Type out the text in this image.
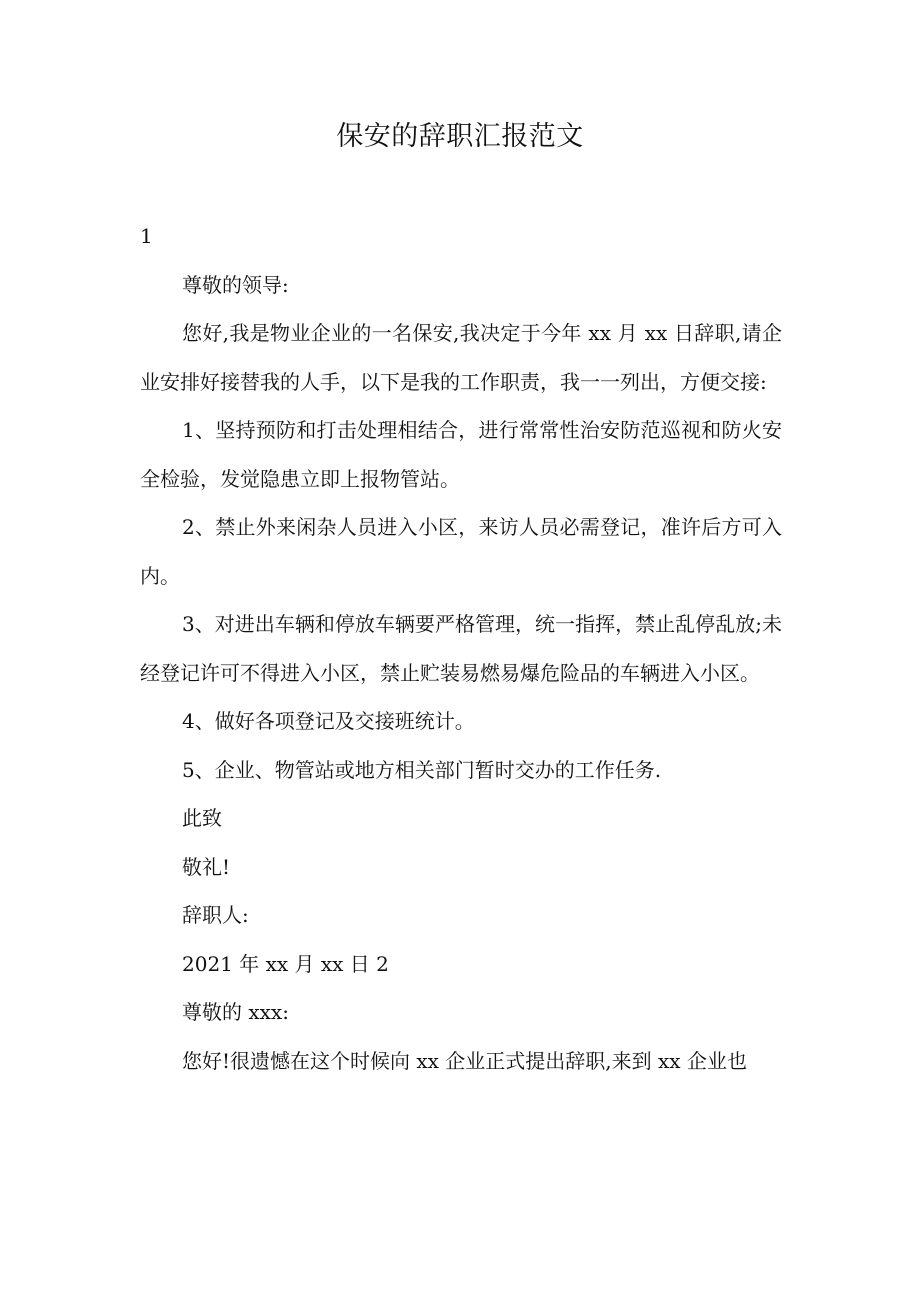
保安的辞职汇报范文

1

尊敬的领导:

您好,我是物业企业的一名保安,我决定于今年 xx 月 xx 日辞职,请企业安排好接替我的人手，以下是我的工作职责，我一一列出，方便交接:

1、坚持预防和打击处理相结合，进行常常性治安防范巡视和防火安全检验，发觉隐患立即上报物管站。

2、禁止外来闲杂人员进入小区，来访人员必需登记，准许后方可入内。

3、对进出车辆和停放车辆要严格管理，统一指挥，禁止乱停乱放;未经登记许可不得进入小区，禁止贮装易燃易爆危险品的车辆进入小区。

4、做好各项登记及交接班统计。

5、企业、物管站或地方相关部门暂时交办的工作任务.

此致

敬礼!

辞职人:

2021 年 xx 月 xx 日 2

尊敬的 xxx:

您好!很遗憾在这个时候向 xx 企业正式提出辞职,来到 xx 企业也
